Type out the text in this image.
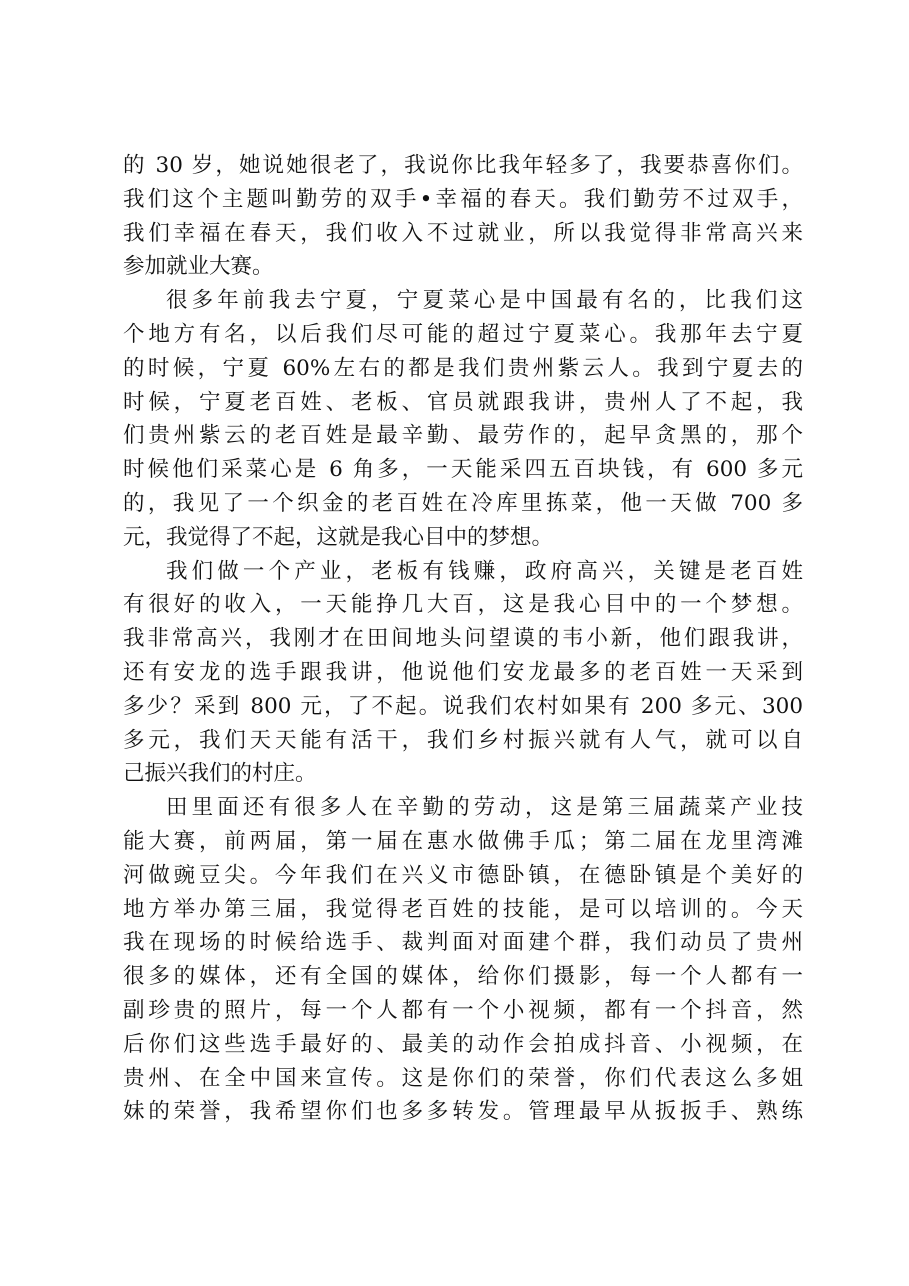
的 30 岁，她说她很老了，我说你比我年轻多了，我要恭喜你们。
我们这个主题叫勤劳的双手•幸福的春天。我们勤劳不过双手，
我们幸福在春天，我们收入不过就业，所以我觉得非常高兴来
参加就业大赛。
很多年前我去宁夏，宁夏菜心是中国最有名的，比我们这
个地方有名，以后我们尽可能的超过宁夏菜心。我那年去宁夏
的时候，宁夏 60%左右的都是我们贵州紫云人。我到宁夏去的
时候，宁夏老百姓、老板、官员就跟我讲，贵州人了不起，我
们贵州紫云的老百姓是最辛勤、最劳作的，起早贪黑的，那个
时候他们采菜心是 6 角多，一天能采四五百块钱，有 600 多元
的，我见了一个织金的老百姓在冷库里拣菜，他一天做 700 多
元，我觉得了不起，这就是我心目中的梦想。
我们做一个产业，老板有钱赚，政府高兴，关键是老百姓
有很好的收入，一天能挣几大百，这是我心目中的一个梦想。
我非常高兴，我刚才在田间地头问望谟的韦小新，他们跟我讲，
还有安龙的选手跟我讲，他说他们安龙最多的老百姓一天采到
多少？采到 800 元，了不起。说我们农村如果有 200 多元、300
多元，我们天天能有活干，我们乡村振兴就有人气，就可以自
己振兴我们的村庄。
田里面还有很多人在辛勤的劳动，这是第三届蔬菜产业技
能大赛，前两届，第一届在惠水做佛手瓜；第二届在龙里湾滩
河做豌豆尖。今年我们在兴义市德卧镇，在德卧镇是个美好的
地方举办第三届，我觉得老百姓的技能，是可以培训的。今天
我在现场的时候给选手、裁判面对面建个群，我们动员了贵州
很多的媒体，还有全国的媒体，给你们摄影，每一个人都有一
副珍贵的照片，每一个人都有一个小视频，都有一个抖音，然
后你们这些选手最好的、最美的动作会拍成抖音、小视频，在
贵州、在全中国来宣传。这是你们的荣誉，你们代表这么多姐
妹的荣誉，我希望你们也多多转发。管理最早从扳扳手、熟练
